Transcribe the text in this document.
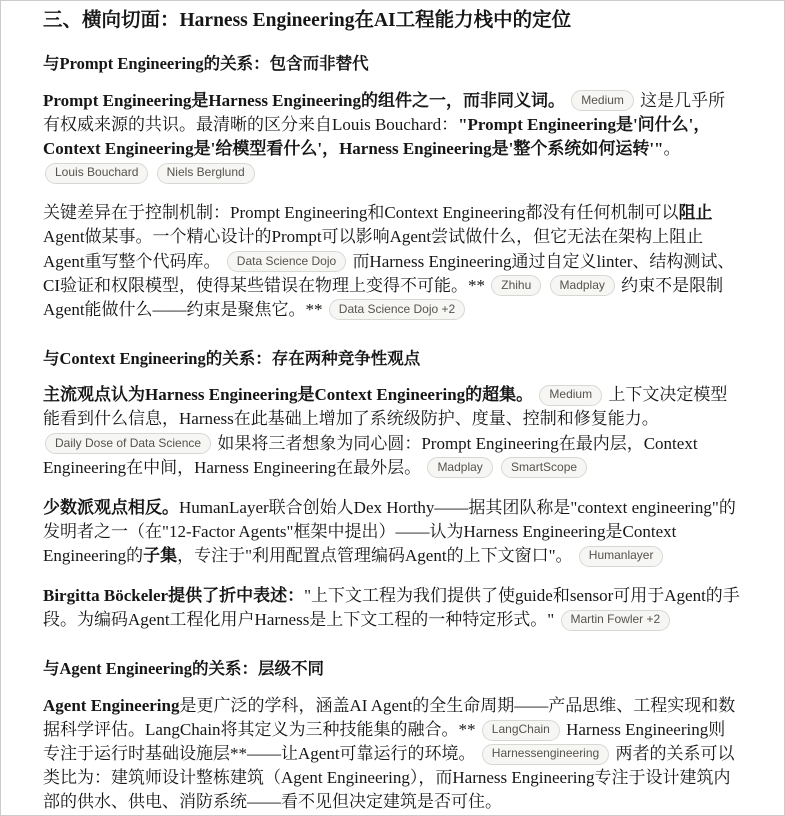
三、横向切面：Harness Engineering在AI工程能力栈中的定位
与Prompt Engineering的关系：包含而非替代

Prompt Engineering是Harness Engineering的组件之一，而非同义词。 Medium 这是几乎所有权威来源的共识。最清晰的区分来自Louis Bouchard："Prompt Engineering是'问什么'，Context Engineering是'给模型看什么'，Harness Engineering是'整个系统如何运转'"。 Louis Bouchard Niels Berglund

关键差异在于控制机制：Prompt Engineering和Context Engineering都没有任何机制可以阻止Agent做某事。一个精心设计的Prompt可以影响Agent尝试做什么，但它无法在架构上阻止Agent重写整个代码库。 Data Science Dojo 而Harness Engineering通过自定义linter、结构测试、CI验证和权限模型，使得某些错误在物理上变得不可能。** Zhihu Madplay 约束不是限制Agent能做什么——约束是聚焦它。** Data Science Dojo +2

与Context Engineering的关系：存在两种竞争性观点

主流观点认为Harness Engineering是Context Engineering的超集。 Medium 上下文决定模型能看到什么信息，Harness在此基础上增加了系统级防护、度量、控制和修复能力。 Daily Dose of Data Science 如果将三者想象为同心圆：Prompt Engineering在最内层，Context Engineering在中间，Harness Engineering在最外层。 Madplay SmartScope

少数派观点相反。HumanLayer联合创始人Dex Horthy——据其团队称是"context engineering"的发明者之一（在"12-Factor Agents"框架中提出）——认为Harness Engineering是Context Engineering的子集，专注于"利用配置点管理编码Agent的上下文窗口"。 Humanlayer

Birgitta Böckeler提供了折中表述："上下文工程为我们提供了使guide和sensor可用于Agent的手段。为编码Agent工程化用户Harness是上下文工程的一种特定形式。" Martin Fowler +2

与Agent Engineering的关系：层级不同

Agent Engineering是更广泛的学科，涵盖AI Agent的全生命周期——产品思维、工程实现和数据科学评估。LangChain将其定义为三种技能集的融合。** LangChain Harness Engineering则专注于运行时基础设施层**——让Agent可靠运行的环境。 Harnessengineering 两者的关系可以类比为：建筑师设计整栋建筑（Agent Engineering），而Harness Engineering专注于设计建筑内部的供水、供电、消防系统——看不见但决定建筑是否可住。
